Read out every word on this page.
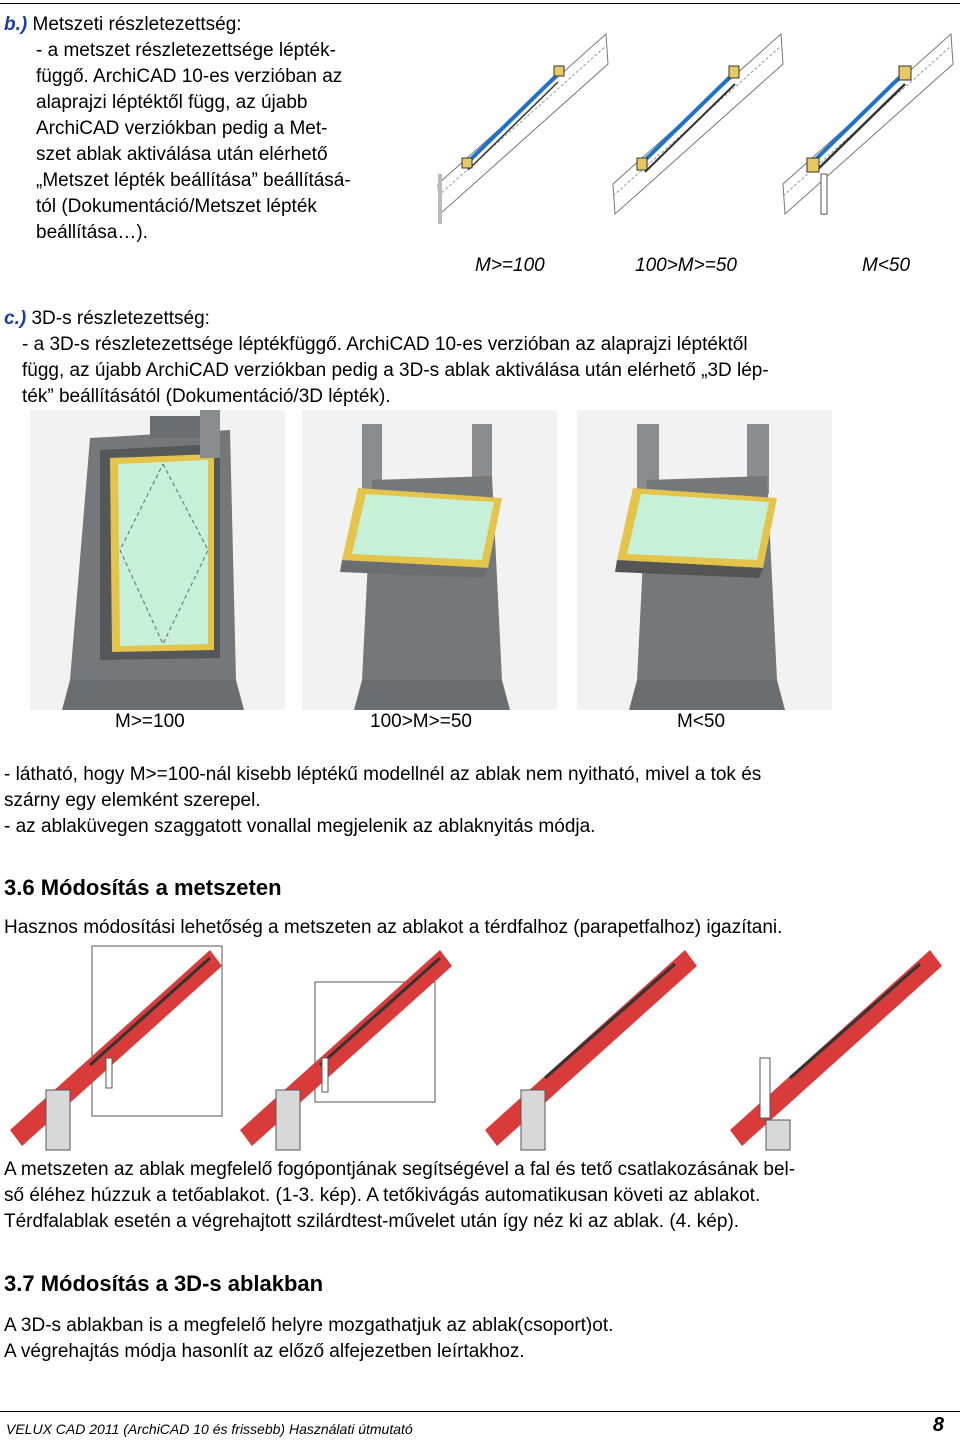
b.) Metszeti részletezettség:
- a metszet részletezettsége lépték-
függő. ArchiCAD 10-es verzióban az
alaprajzi léptéktől függ, az újabb
ArchiCAD verziókban pedig a Met-
szet ablak aktiválása után elérhető
„Metszet lépték beállítása” beállításá-
tól (Dokumentáció/Metszet lépték
beállítása…).
M>=100	100>M>=50	M<50
c.) 3D-s részletezettség:
- a 3D-s részletezettsége léptékfüggő. ArchiCAD 10-es verzióban az alaprajzi léptéktől
függ, az újabb ArchiCAD verziókban pedig a 3D-s ablak aktiválása után elérhető „3D lép-
ték” beállításától (Dokumentáció/3D lépték).
M>=100	100>M>=50	M<50
- látható, hogy M>=100-nál kisebb léptékű modellnél az ablak nem nyitható, mivel a tok és
szárny egy elemként szerepel.
- az ablaküvegen szaggatott vonallal megjelenik az ablaknyitás módja.
3.6 Módosítás a metszeten
Hasznos módosítási lehetőség a metszeten az ablakot a térdfalhoz (parapetfalhoz) igazítani.
A metszeten az ablak megfelelő fogópontjának segítségével a fal és tető csatlakozásának bel-
ső éléhez húzzuk a tetőablakot. (1-3. kép). A tetőkivágás automatikusan követi az ablakot.
Térdfalablak esetén a végrehajtott szilárdtest-művelet után így néz ki az ablak. (4. kép).
3.7 Módosítás a 3D-s ablakban
A 3D-s ablakban is a megfelelő helyre mozgathatjuk az ablak(csoport)ot.
A végrehajtás módja hasonlít az előző alfejezetben leírtakhoz.
VELUX CAD 2011 (ArchiCAD 10 és frissebb) Használati útmutató	8
